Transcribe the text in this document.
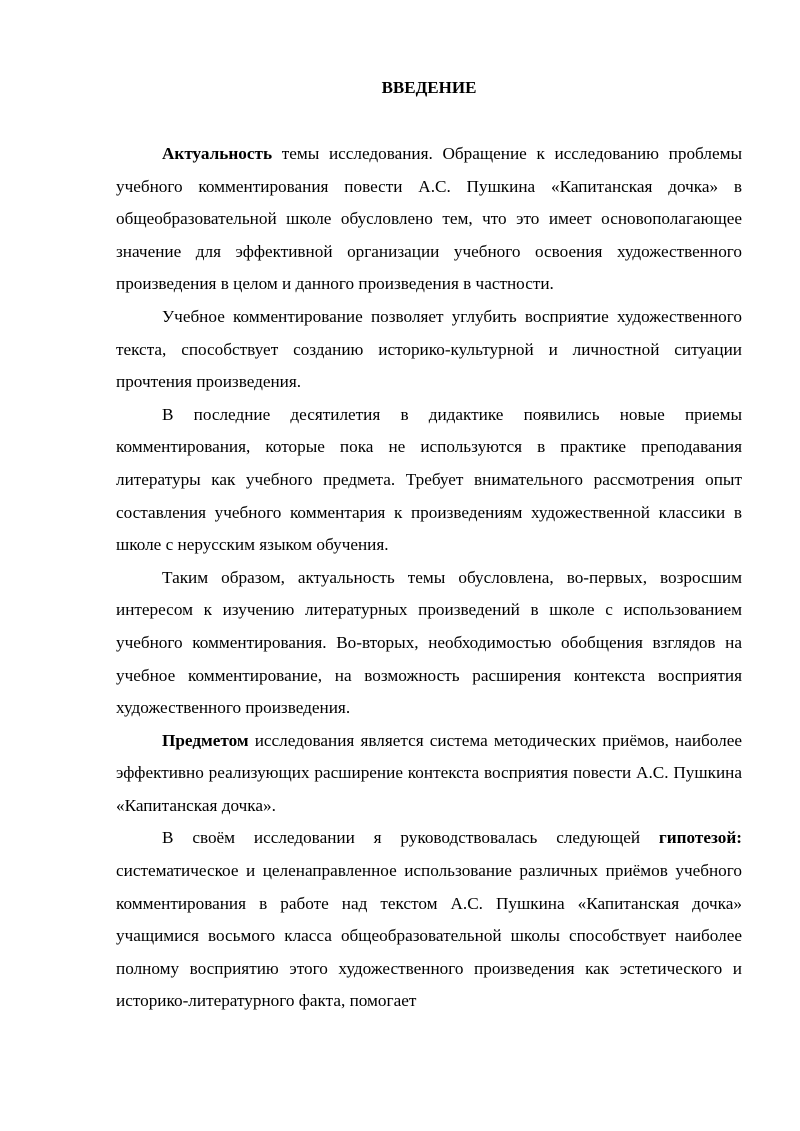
ВВЕДЕНИЕ

Актуальность темы исследования. Обращение к исследованию проблемы учебного комментирования повести А.С. Пушкина «Капитанская дочка» в общеобразовательной школе обусловлено тем, что это имеет основополагающее значение для эффективной организации учебного освоения художественного произведения в целом и данного произведения в частности.

Учебное комментирование позволяет углубить восприятие художественного текста, способствует созданию историко-культурной и личностной ситуации прочтения произведения.

В последние десятилетия в дидактике появились новые приемы комментирования, которые пока не используются в практике преподавания литературы как учебного предмета. Требует внимательного рассмотрения опыт составления учебного комментария к произведениям художественной классики в школе с нерусским языком обучения.

Таким образом, актуальность темы обусловлена, во-первых, возросшим интересом к изучению литературных произведений в школе с использованием учебного комментирования. Во-вторых, необходимостью обобщения взглядов на учебное комментирование, на возможность расширения контекста восприятия художественного произведения.

Предметом исследования является система методических приёмов, наиболее эффективно реализующих расширение контекста восприятия повести А.С. Пушкина «Капитанская дочка».

В своём исследовании я руководствовалась следующей гипотезой: систематическое и целенаправленное использование различных приёмов учебного комментирования в работе над текстом А.С. Пушкина «Капитанская дочка» учащимися восьмого класса общеобразовательной школы способствует наиболее полному восприятию этого художественного произведения как эстетического и историко-литературного факта, помогает
